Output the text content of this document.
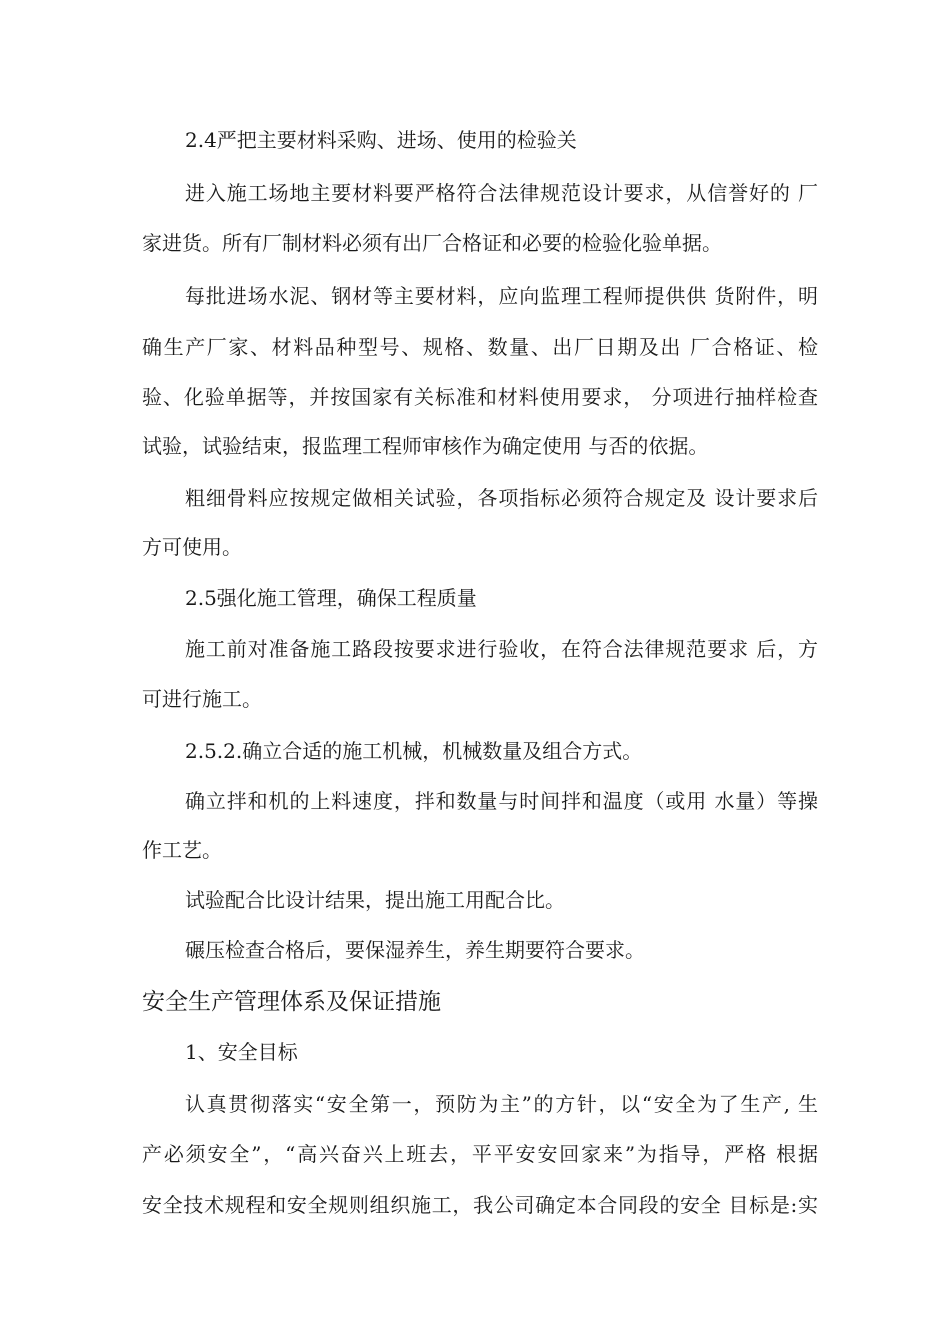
2.4严把主要材料采购、进场、使用的检验关
进入施工场地主要材料要严格符合法律规范设计要求，从信誉好的 厂
家进货。所有厂制材料必须有出厂合格证和必要的检验化验单据。
每批进场水泥、钢材等主要材料，应向监理工程师提供供 货附件，明
确生产厂家、材料品种型号、规格、数量、出厂日期及出 厂合格证、检
验、化验单据等，并按国家有关标准和材料使用要求， 分项进行抽样检查
试验，试验结束，报监理工程师审核作为确定使用 与否的依据。
粗细骨料应按规定做相关试验，各项指标必须符合规定及 设计要求后
方可使用。
2.5强化施工管理，确保工程质量
施工前对准备施工路段按要求进行验收，在符合法律规范要求 后，方
可进行施工。
2.5.2.确立合适的施工机械，机械数量及组合方式。
确立拌和机的上料速度，拌和数量与时间拌和温度（或用 水量）等操
作工艺。
试验配合比设计结果，提出施工用配合比。
碾压检查合格后，要保湿养生，养生期要符合要求。
安全生产管理体系及保证措施
1、安全目标
认真贯彻落实“安全第一，预防为主”的方针，以“安全为了生产, 生
产必须安全”，“高兴奋兴上班去，平平安安回家来”为指导，严格 根据
安全技术规程和安全规则组织施工，我公司确定本合同段的安全 目标是:实
